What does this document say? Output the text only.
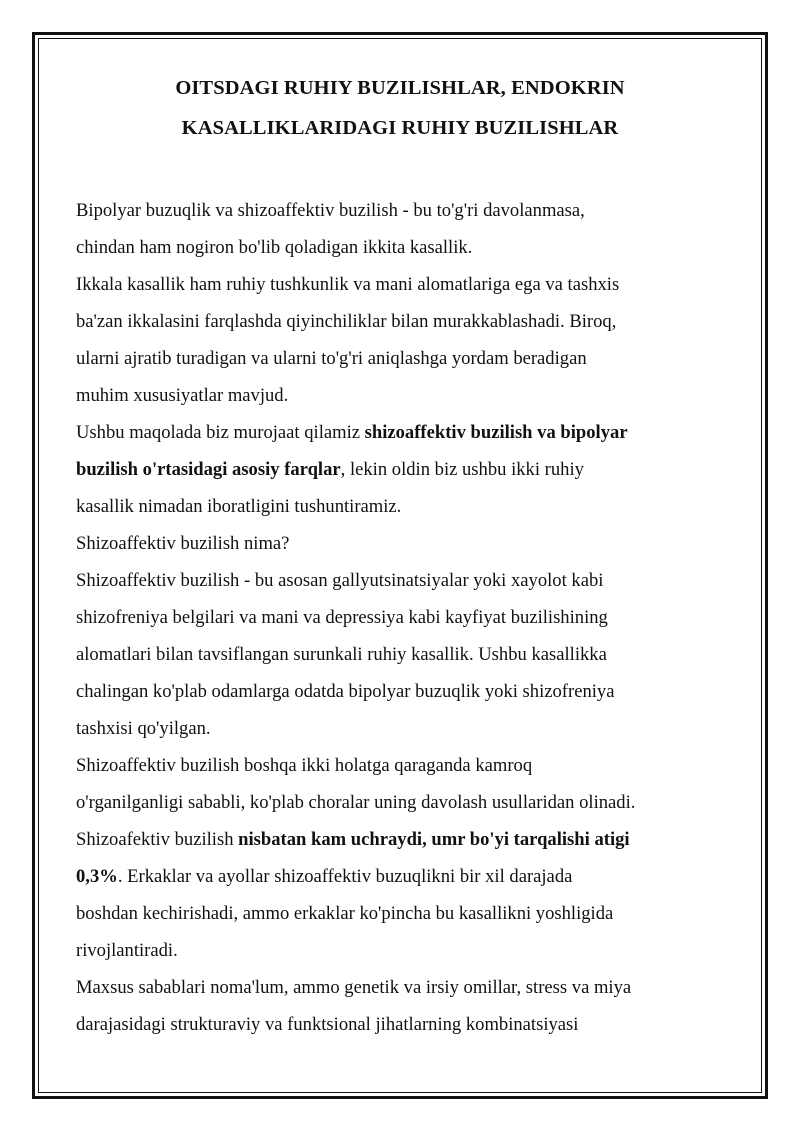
OITSDAGI RUHIY BUZILISHLAR, ENDOKRIN
KASALLIKLARIDAGI RUHIY BUZILISHLAR
Bipolyar buzuqlik va shizoaffektiv buzilish - bu to'g'ri davolanmasa,
chindan ham nogiron bo'lib qoladigan ikkita kasallik.
Ikkala kasallik ham ruhiy tushkunlik va mani alomatlariga ega va tashxis
ba'zan ikkalasini farqlashda qiyinchiliklar bilan murakkablashadi. Biroq,
ularni ajratib turadigan va ularni to'g'ri aniqlashga yordam beradigan
muhim xususiyatlar mavjud.
Ushbu maqolada biz murojaat qilamiz shizoaffektiv buzilish va bipolyar
buzilish o'rtasidagi asosiy farqlar, lekin oldin biz ushbu ikki ruhiy
kasallik nimadan iboratligini tushuntiramiz.
Shizoaffektiv buzilish nima?
Shizoaffektiv buzilish - bu asosan gallyutsinatsiyalar yoki xayolot kabi
shizofreniya belgilari va mani va depressiya kabi kayfiyat buzilishining
alomatlari bilan tavsiflangan surunkali ruhiy kasallik. Ushbu kasallikka
chalingan ko'plab odamlarga odatda bipolyar buzuqlik yoki shizofreniya
tashxisi qo'yilgan.
Shizoaffektiv buzilish boshqa ikki holatga qaraganda kamroq
o'rganilganligi sababli, ko'plab choralar uning davolash usullaridan olinadi.
Shizoafektiv buzilish nisbatan kam uchraydi, umr bo'yi tarqalishi atigi
0,3%. Erkaklar va ayollar shizoaffektiv buzuqlikni bir xil darajada
boshdan kechirishadi, ammo erkaklar ko'pincha bu kasallikni yoshligida
rivojlantiradi.
Maxsus sabablari noma'lum, ammo genetik va irsiy omillar, stress va miya
darajasidagi strukturaviy va funktsional jihatlarning kombinatsiyasi
